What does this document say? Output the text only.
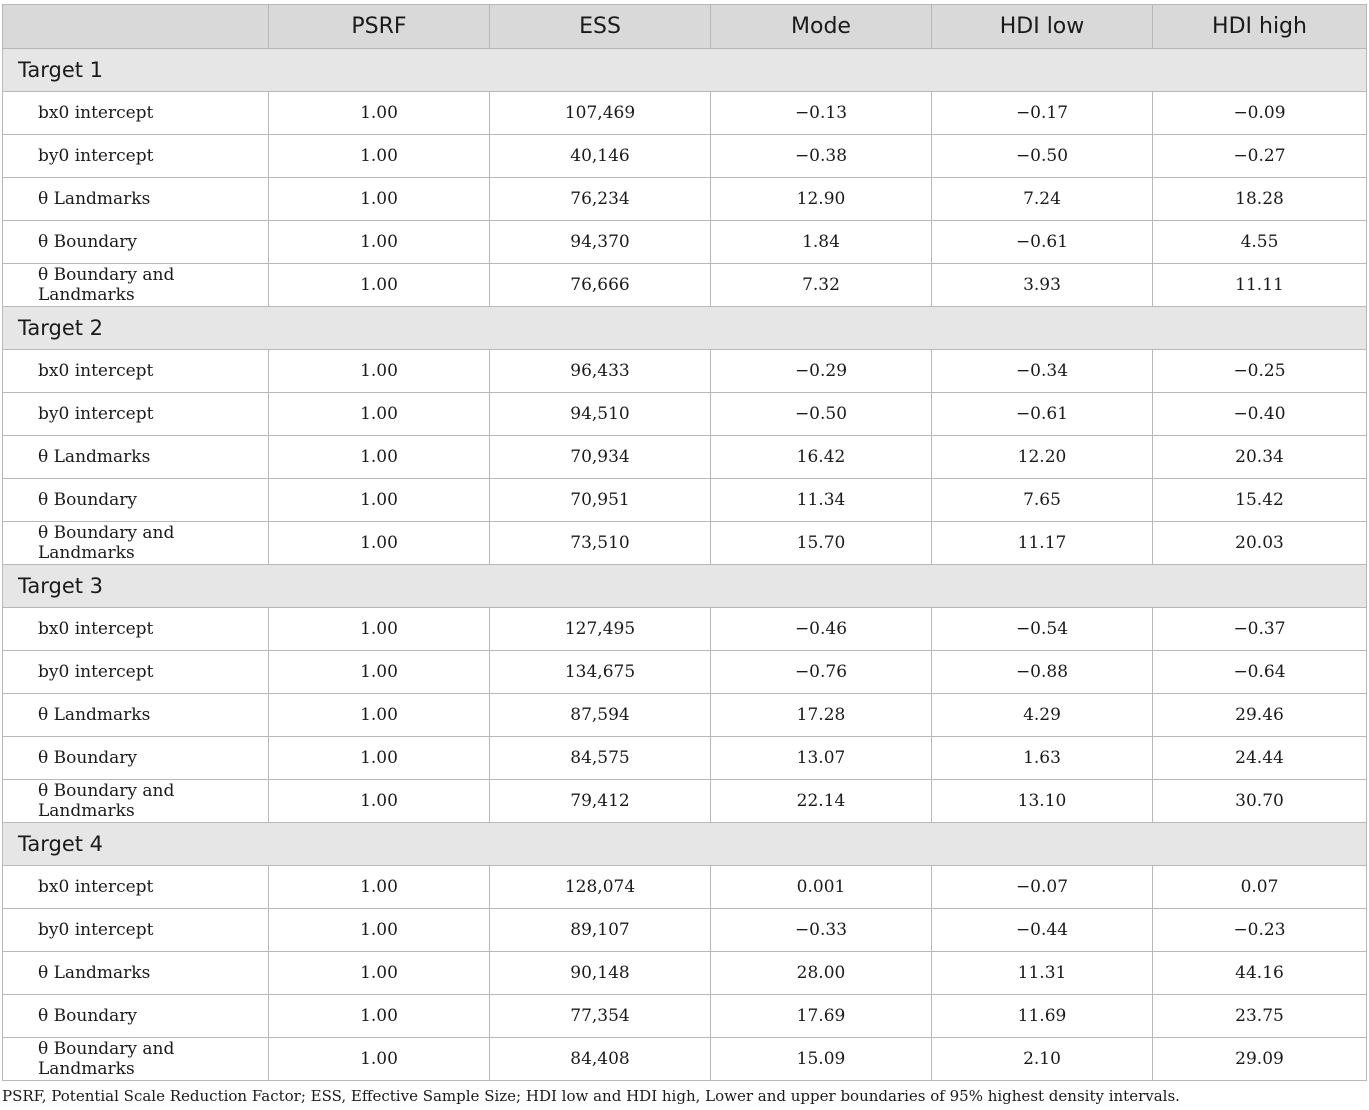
	PSRF	ESS	Mode	HDI low	HDI high
Target 1					
bx0 intercept	1.00	107,469	−0.13	−0.17	−0.09
by0 intercept	1.00	40,146	−0.38	−0.50	−0.27
θ Landmarks	1.00	76,234	12.90	7.24	18.28
θ Boundary	1.00	94,370	1.84	−0.61	4.55
θ Boundary and Landmarks	1.00	76,666	7.32	3.93	11.11
Target 2					
bx0 intercept	1.00	96,433	−0.29	−0.34	−0.25
by0 intercept	1.00	94,510	−0.50	−0.61	−0.40
θ Landmarks	1.00	70,934	16.42	12.20	20.34
θ Boundary	1.00	70,951	11.34	7.65	15.42
θ Boundary and Landmarks	1.00	73,510	15.70	11.17	20.03
Target 3					
bx0 intercept	1.00	127,495	−0.46	−0.54	−0.37
by0 intercept	1.00	134,675	−0.76	−0.88	−0.64
θ Landmarks	1.00	87,594	17.28	4.29	29.46
θ Boundary	1.00	84,575	13.07	1.63	24.44
θ Boundary and Landmarks	1.00	79,412	22.14	13.10	30.70
Target 4					
bx0 intercept	1.00	128,074	0.001	−0.07	0.07
by0 intercept	1.00	89,107	−0.33	−0.44	−0.23
θ Landmarks	1.00	90,148	28.00	11.31	44.16
θ Boundary	1.00	77,354	17.69	11.69	23.75
θ Boundary and Landmarks	1.00	84,408	15.09	2.10	29.09
PSRF, Potential Scale Reduction Factor; ESS, Effective Sample Size; HDI low and HDI high, Lower and upper boundaries of 95% highest density intervals.
